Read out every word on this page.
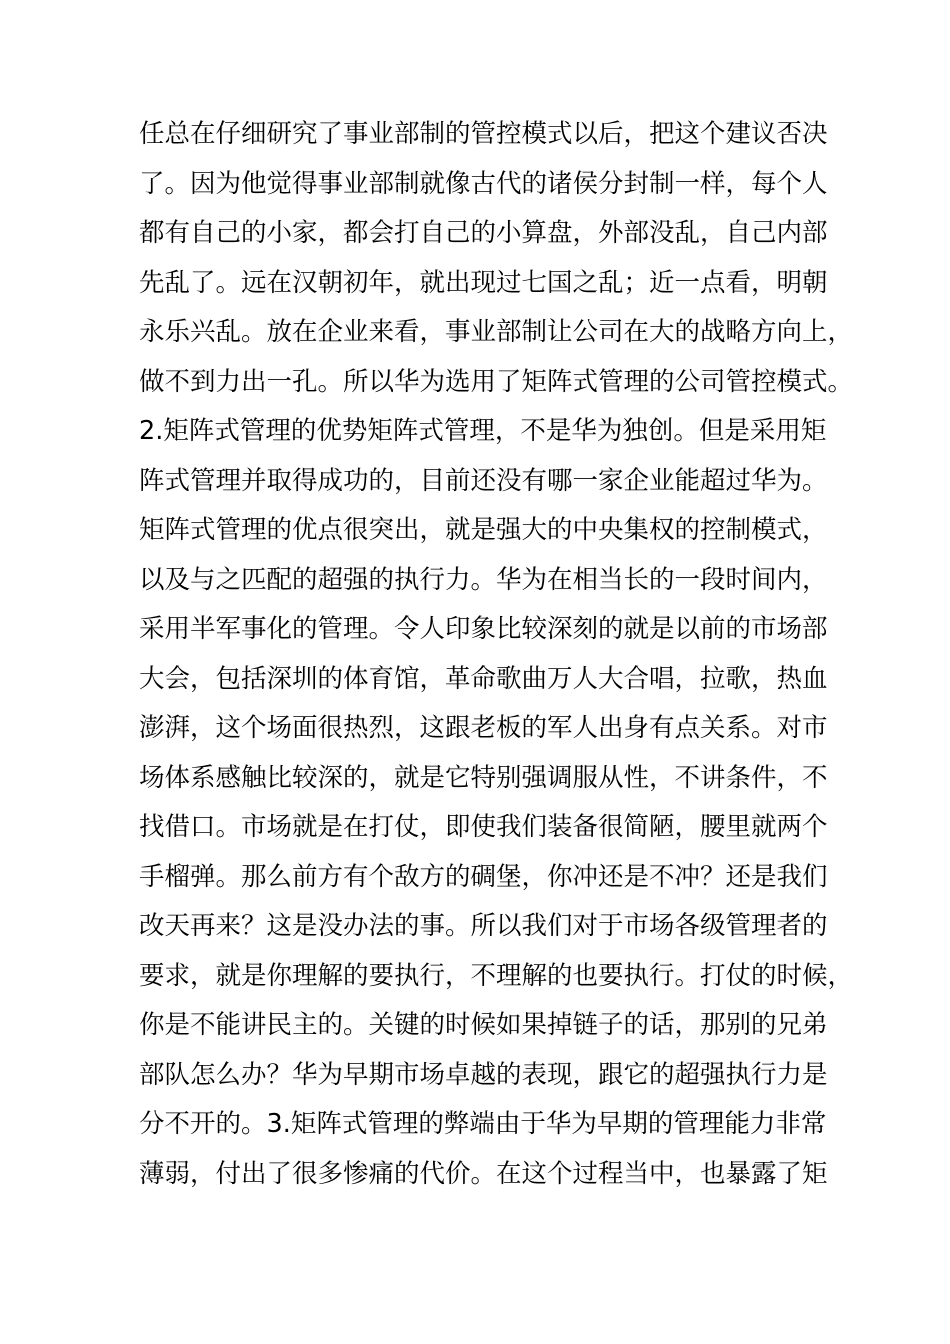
任总在仔细研究了事业部制的管控模式以后，把这个建议否决
了。因为他觉得事业部制就像古代的诸侯分封制一样，每个人
都有自己的小家，都会打自己的小算盘，外部没乱，自己内部
先乱了。远在汉朝初年，就出现过七国之乱；近一点看，明朝
永乐兴乱。放在企业来看，事业部制让公司在大的战略方向上，
做不到力出一孔。所以华为选用了矩阵式管理的公司管控模式。
2.矩阵式管理的优势矩阵式管理，不是华为独创。但是采用矩
阵式管理并取得成功的，目前还没有哪一家企业能超过华为。
矩阵式管理的优点很突出，就是强大的中央集权的控制模式，
以及与之匹配的超强的执行力。华为在相当长的一段时间内，
采用半军事化的管理。令人印象比较深刻的就是以前的市场部
大会，包括深圳的体育馆，革命歌曲万人大合唱，拉歌，热血
澎湃，这个场面很热烈，这跟老板的军人出身有点关系。对市
场体系感触比较深的，就是它特别强调服从性，不讲条件，不
找借口。市场就是在打仗，即使我们装备很简陋，腰里就两个
手榴弹。那么前方有个敌方的碉堡，你冲还是不冲？还是我们
改天再来？这是没办法的事。所以我们对于市场各级管理者的
要求，就是你理解的要执行，不理解的也要执行。打仗的时候，
你是不能讲民主的。关键的时候如果掉链子的话，那别的兄弟
部队怎么办？华为早期市场卓越的表现，跟它的超强执行力是
分不开的。3.矩阵式管理的弊端由于华为早期的管理能力非常
薄弱，付出了很多惨痛的代价。在这个过程当中，也暴露了矩
